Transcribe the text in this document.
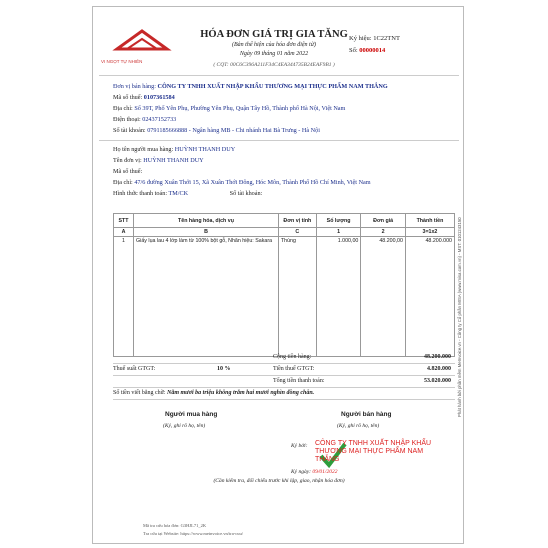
VI NGỌT TỰ NHIÊN
HÓA ĐƠN GIÁ TRỊ GIA TĂNG
(Bản thể hiện của hóa đơn điện tử)
Ngày 09 tháng 01 năm 2022
( CQT: 00C6C396A211F34C4EA344735B24EAF9B1 )
Ký hiệu: 1C22TNT
Số: 00000014
Đơn vị bán hàng: CÔNG TY TNHH XUẤT NHẬP KHẨU THƯƠNG MẠI THỰC PHẨM NAM THẮNG
Mã số thuế: 0107361584
Địa chỉ: Số 39T, Phố Yên Phụ, Phường Yên Phụ, Quận Tây Hồ, Thành phố Hà Nội, Việt Nam
Điện thoại: 02437152733
Số tài khoản: 0791185666888 - Ngân hàng MB - Chi nhánh Hai Bà Trưng - Hà Nội
Họ tên người mua hàng: HUỲNH THANH DUY
Tên đơn vị: HUỲNH THANH DUY
Mã số thuế:
Địa chỉ: 47/6 đường Xuân Thới 15, Xã Xuân Thới Đông, Hóc Môn, Thành Phố Hồ Chí Minh, Việt Nam
Hình thức thanh toán: TM/CK	Số tài khoản:
STT	Tên hàng hóa, dịch vụ	Đơn vị tính	Số lượng	Đơn giá	Thành tiền
A	B	C	1	2	3=1x2
1	Giấy lụa lau 4 lớp làm từ 100% bột gỗ, Nhãn hiệu: Sakara	Thùng	1.000,00	48.200,00	48.200.000
Cộng tiền hàng:	48.200.000
Thuế suất GTGT:	10 %	Tiền thuế GTGT:	4.820.000
Tổng tiền thanh toán:	53.020.000
Số tiền viết bằng chữ: Năm mươi ba triệu không trăm hai mươi nghìn đồng chẵn.
Người mua hàng
(Ký, ghi rõ họ, tên)
Người bán hàng
(Ký, ghi rõ họ, tên)
Ký bởi: CÔNG TY TNHH XUẤT NHẬP KHẨU THƯƠNG MẠI THỰC PHẨM NAM THẮNG
Ký ngày: 09/01/2022
(Cần kiểm tra, đối chiếu trước khi lập, giao, nhận hóa đơn)
Mã tra cứu hóa đơn: G3HJL71_2K
Tra cứu tại Website: https://www.meinvoice.vn/tra-cuu/
Phát hành bởi phần mềm MeInvoice.vn - Công ty Cổ phần MISA (www.misa.com.vn) - MST: 0101243150
